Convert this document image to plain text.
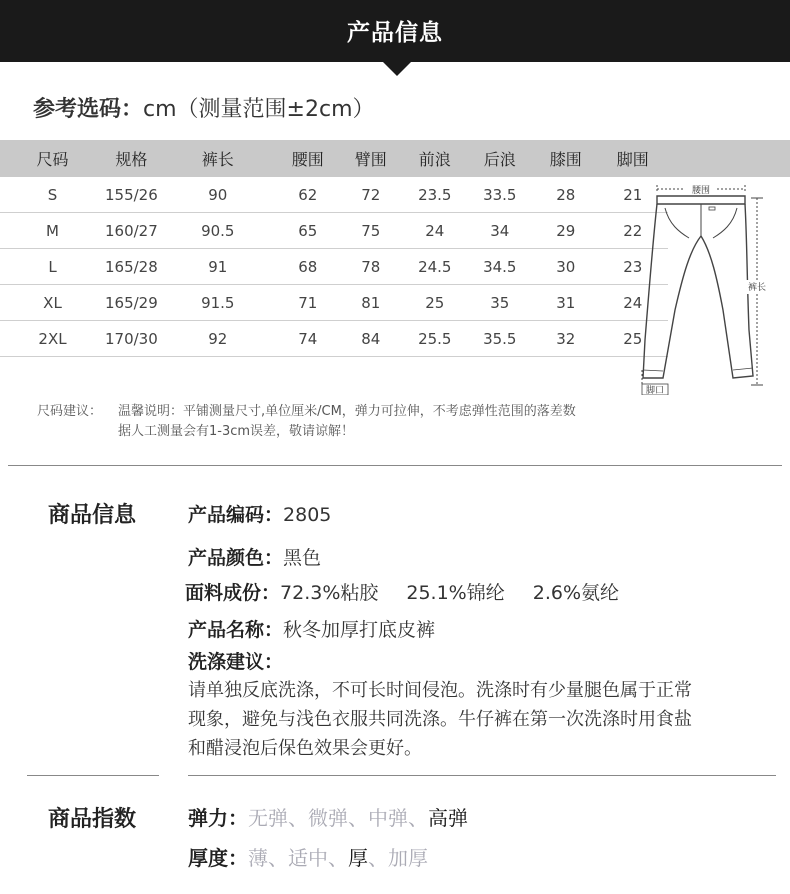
产品信息
参考选码：cm（测量范围±2cm）
尺码	规格	裤长	腰围	臂围	前浪	后浪	膝围	脚围
S	155/26	90	62	72	23.5	33.5	28	21
M	160/27	90.5	65	75	24	34	29	22
L	165/28	91	68	78	24.5	34.5	30	23
XL	165/29	91.5	71	81	25	35	31	24
2XL	170/30	92	74	84	25.5	35.5	32	25
腰围
裤长
脚口
尺码建议：	温馨说明：平铺测量尺寸,单位厘米/CM，弹力可拉伸，不考虑弹性范围的落差数
据人工测量会有1-3cm误差，敬请谅解！
商品信息	产品编码：2805
产品颜色：黑色
面料成份：72.3%粘胶 25.1%锦纶 2.6%氨纶
产品名称：秋冬加厚打底皮裤
洗涤建议：
请单独反底洗涤，不可长时间侵泡。洗涤时有少量腿色属于正常
现象，避免与浅色衣服共同洗涤。牛仔裤在第一次洗涤时用食盐
和醋浸泡后保色效果会更好。
商品指数	弹力：无弹、微弹、中弹、高弹
厚度：薄、适中、厚、加厚
